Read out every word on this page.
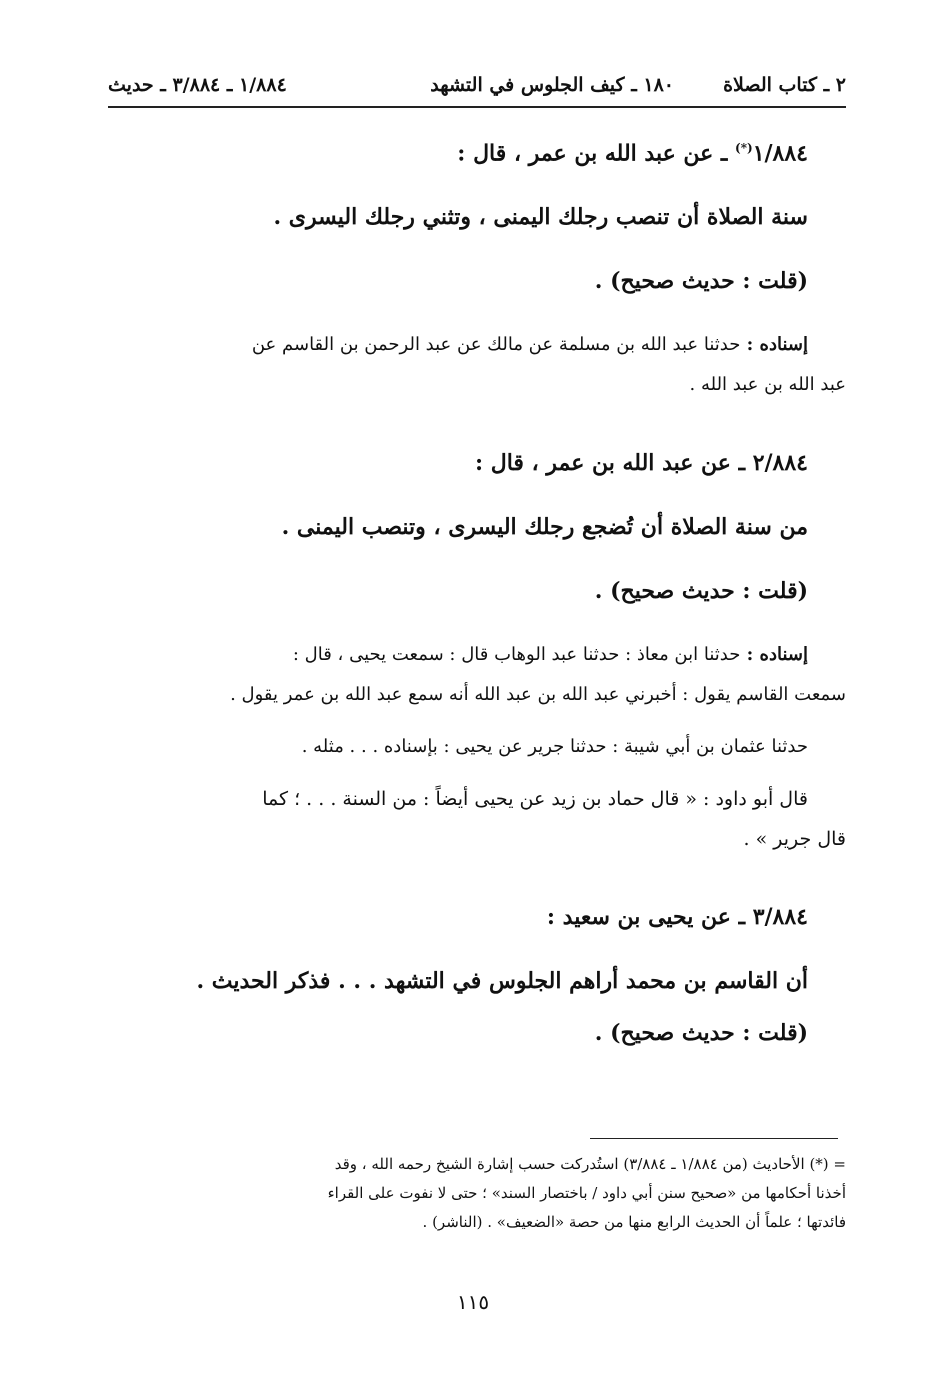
٢ ـ كتاب الصلاة
١٨٠ ـ كيف الجلوس في التشهد
١/٨٨٤ ـ ٣/٨٨٤ ـ حديث

١/٨٨٤(*) ـ عن عبد الله بن عمر ، قال :

سنة الصلاة أن تنصب رجلك اليمنى ، وتثني رجلك اليسرى .

(قلت : حديث صحيح) .

إسناده : حدثنا عبد الله بن مسلمة عن مالك عن عبد الرحمن بن القاسم عن

عبد الله بن عبد الله .

٢/٨٨٤ ـ عن عبد الله بن عمر ، قال :

من سنة الصلاة أن تُضجع رجلك اليسرى ، وتنصب اليمنى .

(قلت : حديث صحيح) .

إسناده : حدثنا ابن معاذ : حدثنا عبد الوهاب قال : سمعت يحيى ، قال :

سمعت القاسم يقول : أخبرني عبد الله بن عبد الله أنه سمع عبد الله بن عمر يقول .

حدثنا عثمان بن أبي شيبة : حدثنا جرير عن يحيى : بإسناده . . . مثله .

قال أبو داود : « قال حماد بن زيد عن يحيى أيضاً : من السنة . . . ؛ كما

قال جرير » .

٣/٨٨٤ ـ عن يحيى بن سعيد :

أن القاسم بن محمد أراهم الجلوس في التشهد . . . فذكر الحديث .

(قلت : حديث صحيح) .

= (*) الأحاديث (من ١/٨٨٤ ـ ٣/٨٨٤) استُدركت حسب إشارة الشيخ رحمه الله ، وقد

أخذنا أحكامها من «صحيح سنن أبي داود / باختصار السند» ؛ حتى لا نفوت على القراء

فائدتها ؛ علماً أن الحديث الرابع منها من حصة «الضعيف» . (الناشر) .

١١٥
